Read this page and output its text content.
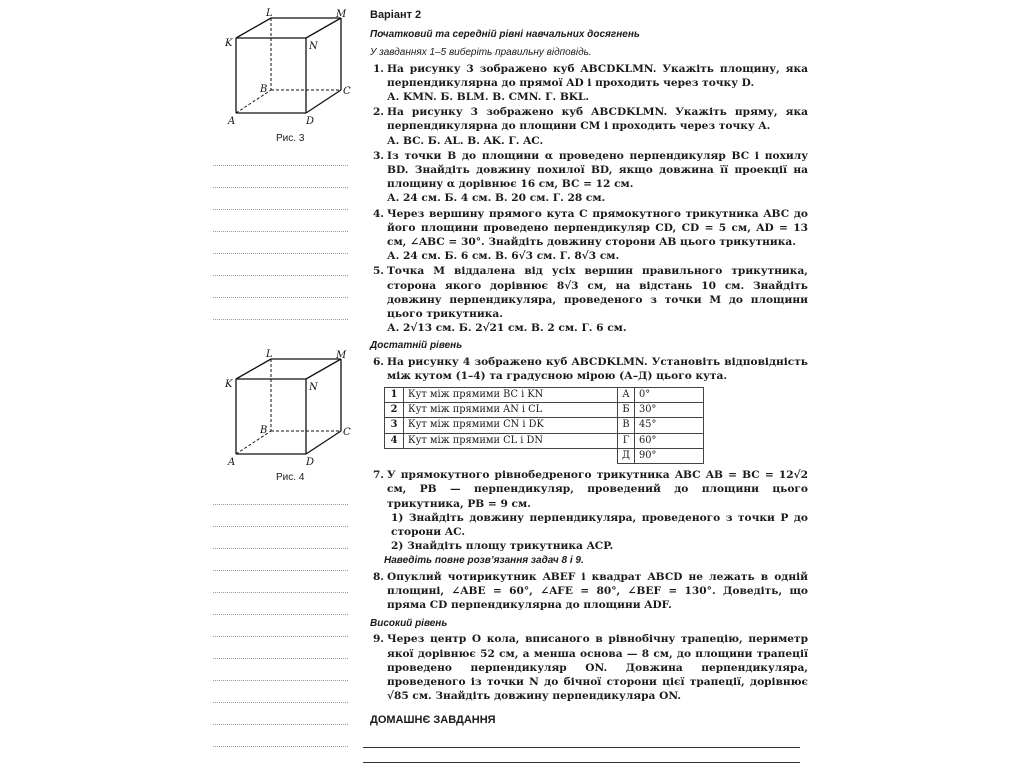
L	M
K	N
B	C
A	D
Рис. 3
L	M
K	N
B	C
A	D
Рис. 4
Варіант 2
Початковий та середній рівні навчальних досягнень
У завданнях 1–5 виберіть правильну відповідь.
1. На рисунку 3 зображено куб ABCDKLMN. Укажіть площину, яка перпендикулярна до прямої AD і проходить через точку D.
А. KMN. Б. BLM. В. CMN. Г. BKL.
2. На рисунку 3 зображено куб ABCDKLMN. Укажіть пряму, яка перпендикулярна до площини CM і проходить через точку A.
А. BC. Б. AL. В. AK. Г. AC.
3. Із точки B до площини α проведено перпендикуляр BC і похилу BD. Знайдіть довжину похилої BD, якщо довжина її проекції на площину α дорівнює 16 см, BC = 12 см.
А. 24 см. Б. 4 см. В. 20 см. Г. 28 см.
4. Через вершину прямого кута C прямокутного трикутника ABC до його площини проведено перпендикуляр CD, CD = 5 см, AD = 13 см, ∠ABC = 30°. Знайдіть довжину сторони AB цього трикутника.
А. 24 см. Б. 6 см. В. 6√3 см. Г. 8√3 см.
5. Точка M віддалена від усіх вершин правильного трикутника, сторона якого дорівнює 8√3 см, на відстань 10 см. Знайдіть довжину перпендикуляра, проведеного з точки M до площини цього трикутника.
А. 2√13 см. Б. 2√21 см. В. 2 см. Г. 6 см.
Достатній рівень
6. На рисунку 4 зображено куб ABCDKLMN. Установіть відповідність між кутом (1–4) та градусною мірою (А–Д) цього кута.
1	Кут між прямими BC і KN	А	0°
2	Кут між прямими AN і CL	Б	30°
3	Кут між прямими CN і DK	В	45°
4	Кут між прямими CL і DN	Г	60°
		Д	90°
7. У прямокутного рівнобедреного трикутника ABC AB = BC = 12√2 см, PB — перпендикуляр, проведений до площини цього трикутника, PB = 9 см.
1) Знайдіть довжину перпендикуляра, проведеного з точки P до сторони AC.
2) Знайдіть площу трикутника ACP.
Наведіть повне розв’язання задач 8 і 9.
8. Опуклий чотирикутник ABEF і квадрат ABCD не лежать в одній площині, ∠ABE = 60°, ∠AFE = 80°, ∠BEF = 130°. Доведіть, що пряма CD перпендикулярна до площини ADF.
Високий рівень
9. Через центр O кола, вписаного в рівнобічну трапецію, периметр якої дорівнює 52 см, а менша основа — 8 см, до площини трапеції проведено перпендикуляр ON. Довжина перпендикуляра, проведеного із точки N до бічної сторони цієї трапеції, дорівнює √85 см. Знайдіть довжину перпендикуляра ON.
ДОМАШНЄ ЗАВДАННЯ
